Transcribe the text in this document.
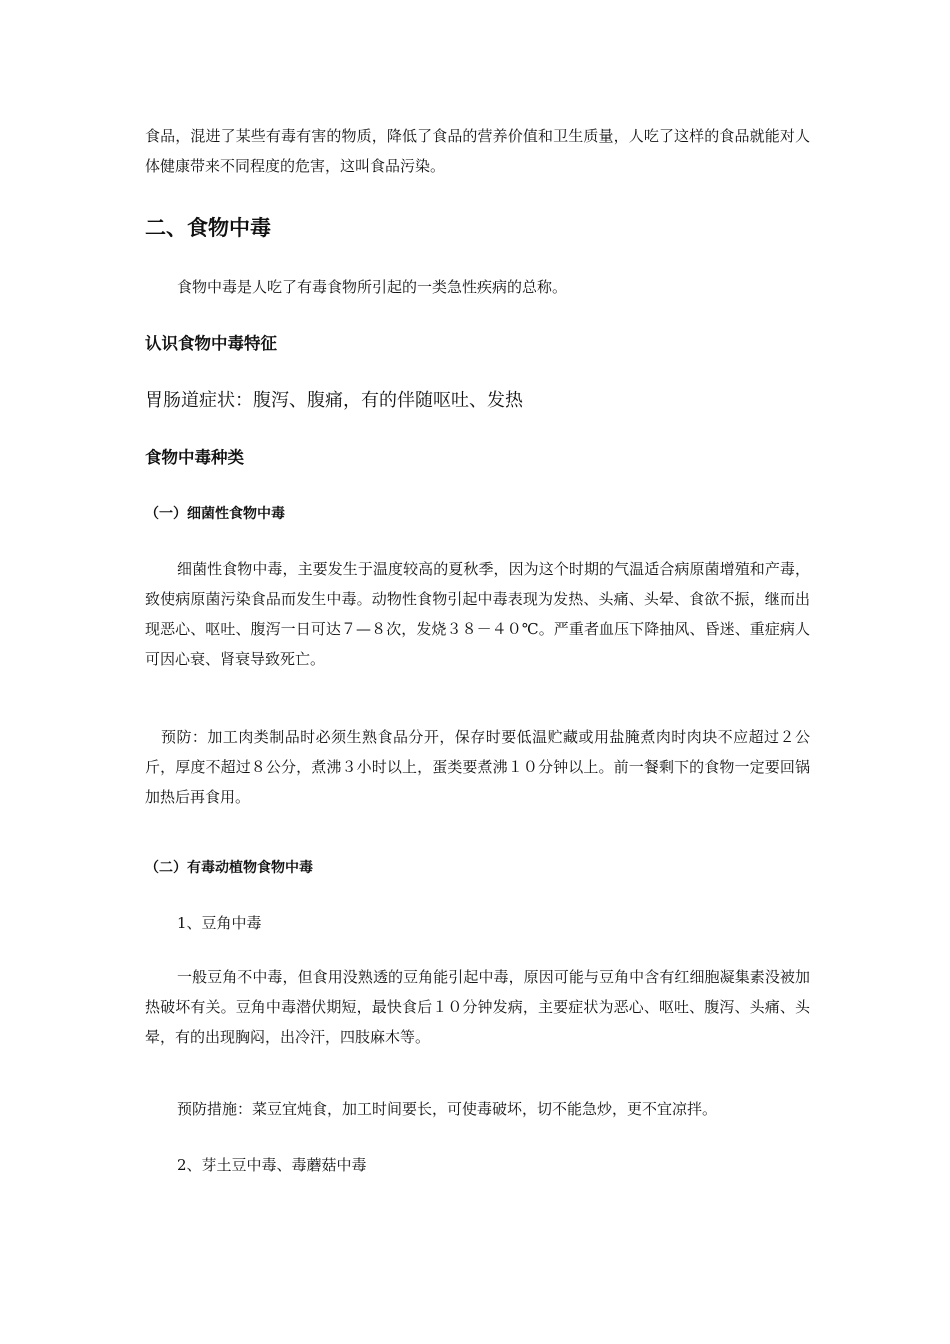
食品，混进了某些有毒有害的物质，降低了食品的营养价值和卫生质量，人吃了这样的食品就能对人体健康带来不同程度的危害，这叫食品污染。

二、食物中毒

食物中毒是人吃了有毒食物所引起的一类急性疾病的总称。

认识食物中毒特征
胃肠道症状：腹泻、腹痛，有的伴随呕吐、发热
食物中毒种类
（一）细菌性食物中毒

细菌性食物中毒，主要发生于温度较高的夏秋季，因为这个时期的气温适合病原菌增殖和产毒，致使病原菌污染食品而发生中毒。动物性食物引起中毒表现为发热、头痛、头晕、食欲不振，继而出现恶心、呕吐、腹泻一日可达７—８次，发烧３８－４０℃。严重者血压下降抽风、昏迷、重症病人可因心衰、肾衰导致死亡。

预防：加工肉类制品时必须生熟食品分开，保存时要低温贮藏或用盐腌煮肉时肉块不应超过２公斤，厚度不超过８公分，煮沸３小时以上，蛋类要煮沸１０分钟以上。前一餐剩下的食物一定要回锅加热后再食用。

（二）有毒动植物食物中毒

1、豆角中毒

一般豆角不中毒，但食用没熟透的豆角能引起中毒，原因可能与豆角中含有红细胞凝集素没被加热破坏有关。豆角中毒潜伏期短，最快食后１０分钟发病，主要症状为恶心、呕吐、腹泻、头痛、头晕，有的出现胸闷，出冷汗，四肢麻木等。

预防措施：菜豆宜炖食，加工时间要长，可使毒破坏，切不能急炒，更不宜凉拌。

2、芽土豆中毒、毒蘑菇中毒
